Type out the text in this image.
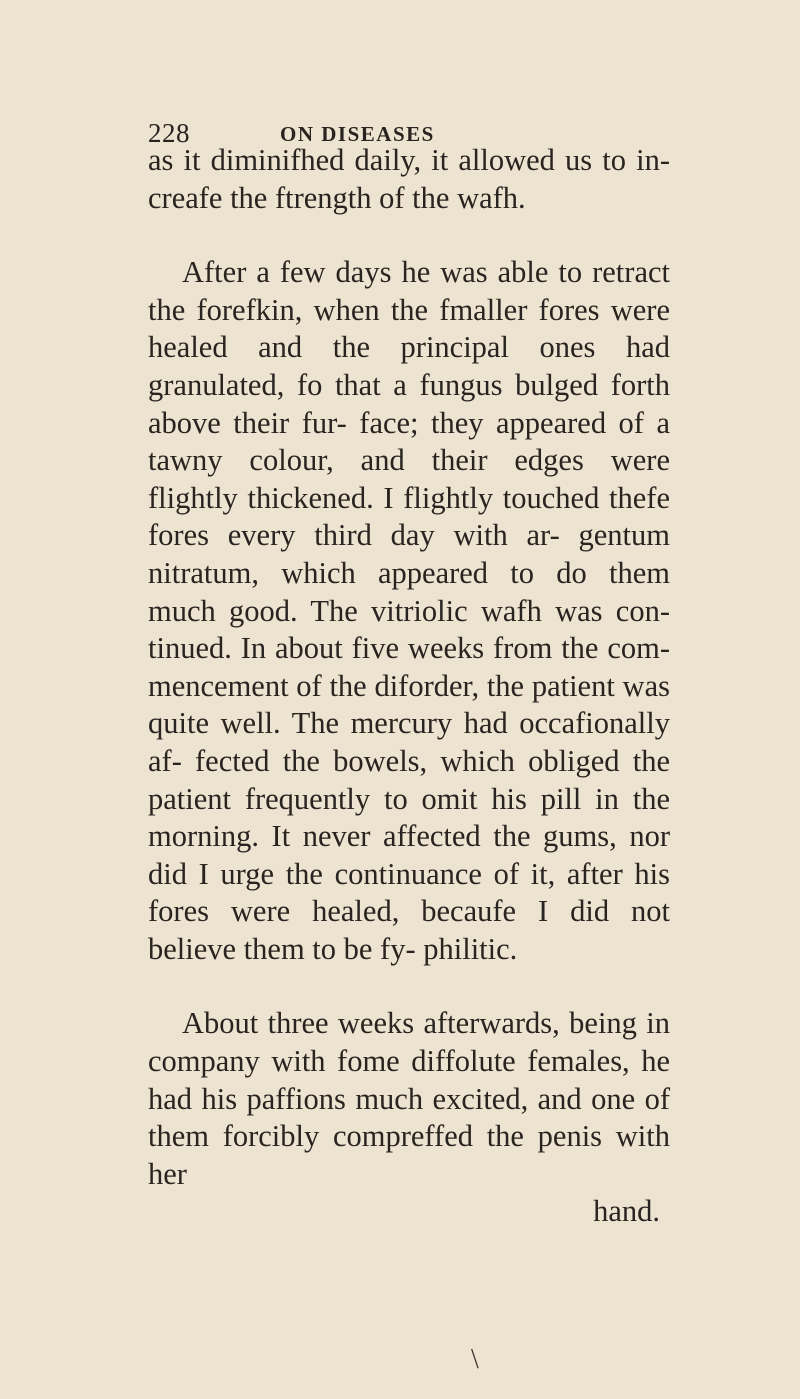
228	ON DISEASES

as it diminifhed daily, it allowed us to in- creafe the ftrength of the wafh.

After a few days he was able to retract the forefkin, when the fmaller fores were healed and the principal ones had granulated, fo that a fungus bulged forth above their fur- face; they appeared of a tawny colour, and their edges were flightly thickened. I flightly touched thefe fores every third day with ar- gentum nitratum, which appeared to do them much good. The vitriolic wafh was con- tinued. In about five weeks from the com- mencement of the diforder, the patient was quite well. The mercury had occafionally af- fected the bowels, which obliged the patient frequently to omit his pill in the morning. It never affected the gums, nor did I urge the continuance of it, after his fores were healed, becaufe I did not believe them to be fy- philitic.

About three weeks afterwards, being in company with fome diffolute females, he had his paffions much excited, and one of them forcibly compreffed the penis with her

hand.

\
